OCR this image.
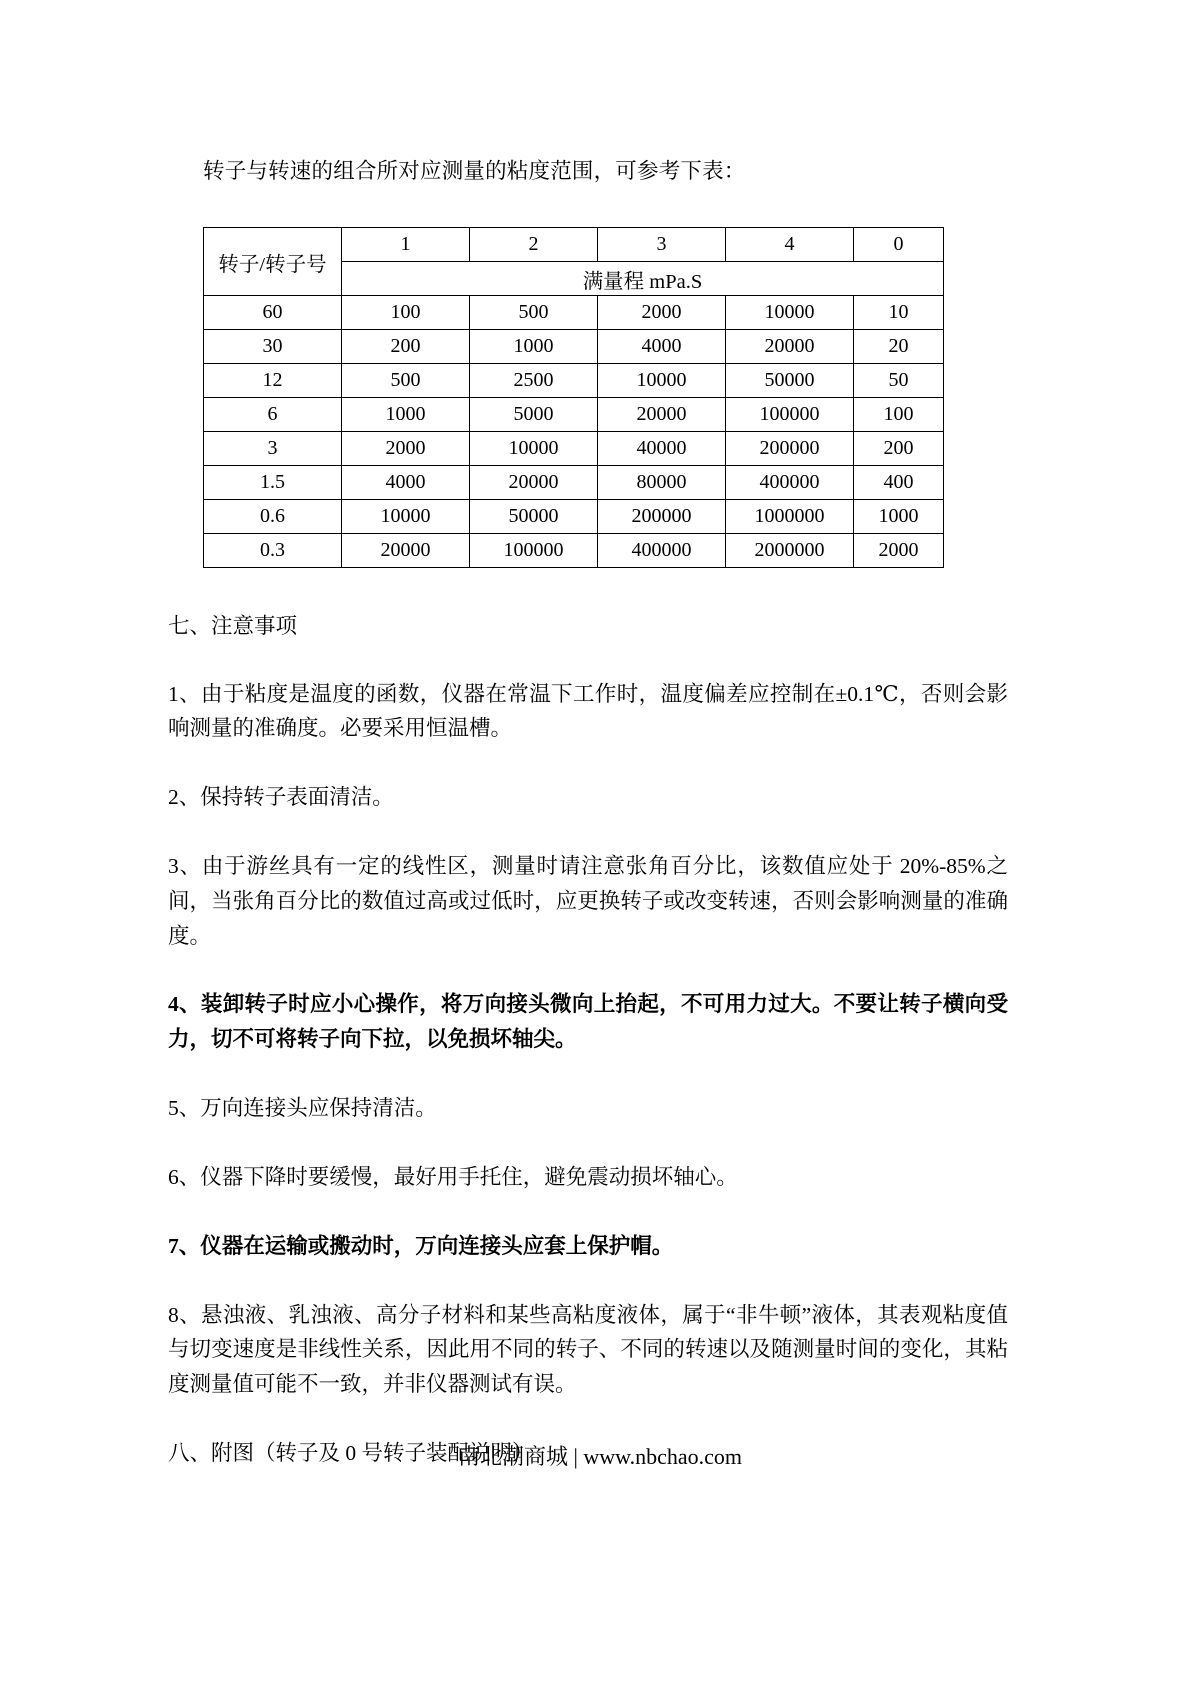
转子与转速的组合所对应测量的粘度范围，可参考下表：
转子/转子号	1	2	3	4	0
	满量程 mPa.S				
60	100	500	2000	10000	10
30	200	1000	4000	20000	20
12	500	2500	10000	50000	50
6	1000	5000	20000	100000	100
3	2000	10000	40000	200000	200
1.5	4000	20000	80000	400000	400
0.6	10000	50000	200000	1000000	1000
0.3	20000	100000	400000	2000000	2000
七、注意事项

1、由于粘度是温度的函数，仪器在常温下工作时，温度偏差应控制在±0.1℃，否则会影响测量的准确度。必要采用恒温槽。

2、保持转子表面清洁。

3、由于游丝具有一定的线性区，测量时请注意张角百分比，该数值应处于 20%-85%之间，当张角百分比的数值过高或过低时，应更换转子或改变转速，否则会影响测量的准确度。

4、装卸转子时应小心操作，将万向接头微向上抬起，不可用力过大。不要让转子横向受力，切不可将转子向下拉，以免损坏轴尖。

5、万向连接头应保持清洁。

6、仪器下降时要缓慢，最好用手托住，避免震动损坏轴心。

7、仪器在运输或搬动时，万向连接头应套上保护帽。

8、悬浊液、乳浊液、高分子材料和某些高粘度液体，属于“非牛顿”液体，其表观粘度值与切变速度是非线性关系，因此用不同的转子、不同的转速以及随测量时间的变化，其粘度测量值可能不一致，并非仪器测试有误。

八、附图（转子及 0 号转子装配说明）

南北潮商城 | www.nbchao.com
